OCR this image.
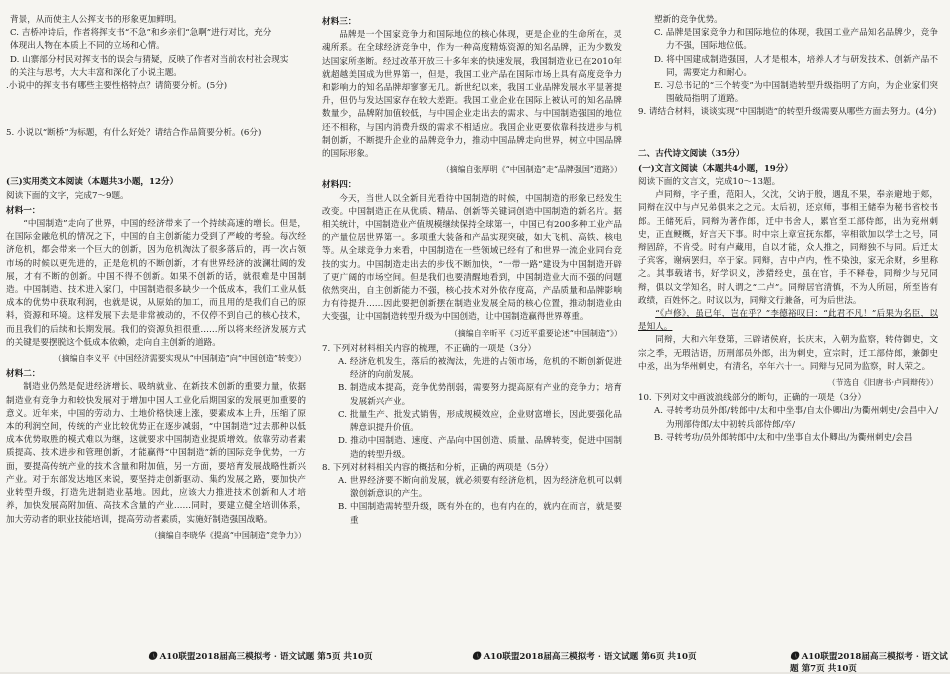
背景，从而使主人公挥支书的形象更加鲜明。

C. 吉桥冲诗后，作者将挥支书“不急”和乡亲们“急啊”进行对比，充分

体现出人物在本质上不同的立场和心情。

D. 山寨部分村民对挥支书的误会与猜疑，反映了作者对当前农村社会现实

的关注与思考，大大丰富和深化了小说主题。

.小说中的挥支书有哪些主要性格特点？请简要分析。(5分)

5. 小说以“断桥”为标题，有什么好处？请结合作品简要分析。(6分)

(三)实用类文本阅读（本题共3小题，12分）

阅读下面的文字，完成7～9题。

材料一：

“中国制造”走向了世界，中国的经济带来了一个持续高速的增长。但是，在国际金融危机的情况之下，中国的自主创新能力受到了严峻的考验。每次经济危机，都会带来一个巨大的创新，因为危机淘汰了很多落后的，再一次占领市场的时候以更先进的，正是危机的不断创新，才有世界经济的波澜壮阔的发展，才有不断的创新。中国不得不创新。如果不创新的话，就很难是中国制造。中国制造、技术进入家门，中国制造很多缺少一个低成本，我们工业从低成本的优势中获取利润，也就是说，从原始的加工，而且用的是我们自己的原料，资源和环境。这样发展下去是非常被动的，不仅停不到自己的核心技术，而且我们的后续和长期发展。我们的资源负担很重……所以将来经济发展方式的关键是要摆脱这个低成本依赖，走向自主创新的道路。

（摘编自李义平《中国经济需要实现从“中国制造”向“中国创造”转变》）

材料二：

制造业仍然是促进经济增长、吸纳就业、在新技术创新的重要力量，依据制造业有竞争力和较快发展对于增加中国人工业化后期国家的发展更加重要的意义。近年来，中国的劳动力、土地价格快速上涨，要素成本上升，压缩了原本的利润空间，传统的产业比较优势正在逐步减弱，“中国制造”过去那种以低成本优势取胜的模式难以为继，这就要求中国制造业提质增效。依靠劳动者素质提高、技术进步和管理创新，才能赢得“中国制造”新的国际竞争优势，一方面，要提高传统产业的技术含量和附加值，另一方面，要培育发展战略性新兴产业。对于东部发达地区来说，要坚持走创新驱动、集约发展之路，要加快产业转型升级，打造先进制造业基地。因此，应该大力推进技术创新和人才培养，加快发展高附加值、高技术含量的产业……同时，要建立健全培训体系，加大劳动者的职业技能培训，提高劳动者素质，实施好制造强国战略。

（摘编自李晓华《提高“中国制造”竞争力》）

材料三：

品牌是一个国家竞争力和国际地位的核心体现，更是企业的生命所在，灵魂所系。在全球经济竞争中，作为一种高度精炼资源的知名品牌，正为少数发达国家所垄断。经过改革开放三十多年来的快速发展，我国制造业已在2010年就超越美国成为世界第一，但是，我国工业产品在国际市场上具有高度竞争力和影响力的知名品牌却寥寥无几。新世纪以来，我国工业品牌发展水平显著提升，但仍与发达国家存在较大差距。我国工业企业在国际上被认可的知名品牌数量少，品牌附加值较低，与中国企业走出去的需求、与中国制造强国的地位还不相称，与国内消费升级的需求不相适应。我国企业更要依靠科技进步与机制创新，不断提升企业的品牌竞争力，推动中国品牌走向世界，树立中国品牌的国际形象。

（摘编自张厚明《“中国制造”走“品牌强国”道路》）

材料四：

今天，当世人以全新目光看待中国制造的时候，中国制造的形象已经发生改变。中国制造正在从优质、精品、创新等关键词创造中国制造的新名片。据相关统计，中国制造业产值规模继续保持全球第一，中国已有200多种工业产品的产量位居世界第一。多项重大装备和产品实现突破，如大飞机、高铁、核电等。从全球竞争力来看，中国制造在一些领域已经有了和世界一流企业同台竞技的实力。中国制造走出去的步伐不断加快，“一带一路”建设为中国制造开辟了更广阔的市场空间。但是我们也要清醒地看到，中国制造业大而不强的问题依然突出，自主创新能力不强，核心技术对外依存度高，产品质量和品牌影响力有待提升……因此要把创新摆在制造业发展全局的核心位置，推动制造业由大变强，让中国制造转型升级为中国创造，让中国制造赢得世界尊重。

（摘编自辛昕平《习近平重要论述“中国制造”》）

7. 下列对材料相关内容的梳理，不正确的一项是（3分）

A. 经济危机发生，落后的被淘汰，先进的占领市场，危机的不断创新促进经济的向前发展。

B. 制造成本提高，竞争优势削弱，需要努力提高原有产业的竞争力；培育发展新兴产业。

C. 批量生产、批发式销售，形成规模效应，企业财富增长，因此要强化品牌意识提升价值。

D. 推动中国制造、速度、产品向中国创造、质量、品牌转变，促进中国制造的转型升级。

8. 下列对材料相关内容的概括和分析，正确的两项是（5分）

A. 世界经济要不断向前发展，就必须要有经济危机，因为经济危机可以刺激创新意识的产生。

B. 中国制造需转型升级，既有外在的，也有内在的，就内在而言，就是要重

塑新的竞争优势。

C. 品牌是国家竞争力和国际地位的体现，我国工业产品知名品牌少，竞争力不强，国际地位低。

D. 将中国建成制造强国，人才是根本，培养人才与研发技术、创新产品不同，需要定力和耐心。

E. 习总书记的“三个转变”为中国制造转型升级指明了方向，为企业家们突围破局指明了道路。

9. 请结合材料，谈谈实现“中国制造”的转型升级需要从哪些方面去努力。(4分)

二、古代诗文阅读（35分）

(一)文言文阅读（本题共4小题，19分）

阅读下面的文言文，完成10～13题。

卢同辩，字子重，范阳人，父沈，父讷于殷，遇乱不果，奉亲避地于郏，同辩在汉中与卢兄弟俱来之之元。太后初，还京师，事相王储奉为秘书省校书郎。王储死后，同辩为著作郎，迁中书舍人，累官至工部侍郎，出为兖州刺史，正直鲠概，好言天下事。时中宗上章宣抚东都，宰相欲加以学士之号，同辩固辞，不肯受。时有卢藏用，自以才能，众人推之，同辩独不与同。后迁太子宾客，谢病罢归，卒于家。同辩，吉中卢内，性不染浊，家无余财，乡里称之。其事载诸书，好学识义，涉猎经史，虽在官，手不释卷，同辩少与兄同辩，俱以文学知名，时人谓之“二卢”。同辩居官清慎，不为人所屈，所至皆有政绩，百姓怀之。时议以为，同辩文行兼备，可为后世法。

“《卢修》，虽已年，岂在乎？”李德裕叹曰：“此君不凡！”后果为名臣，以是知人。

同辩，大和六年登第，三辟诸侯府，长庆末，入朝为监察，转侍御史，文宗之季，无瑕洁语，历刑部员外郎，出为刺史，宣宗时，迁工部侍郎，兼御史中丞，出为华州刺史，有清名，卒年六十一。同辩与兄同为监察，时人荣之。

（节选自《旧唐书·卢同辩传》）

10. 下列对文中画波浪线部分的断句，正确的一项是（3分）

A. 寻转考功员外郎/转郎中/太和中坐事/自太仆卿出/为衢州刺史/会昌中入/为刑部侍郎/太中初转兵部侍郎/卒/

B. 寻转考功/员外郎转郎中/太和中/坐事自太仆卿出/为衢州刺史/会昌

🅐 A10联盟2018届高三模拟考 · 语文试题 第5页 共10页	🅐 A10联盟2018届高三模拟考 · 语文试题 第6页 共10页	🅐 A10联盟2018届高三模拟考 · 语文试题 第7页 共10页
